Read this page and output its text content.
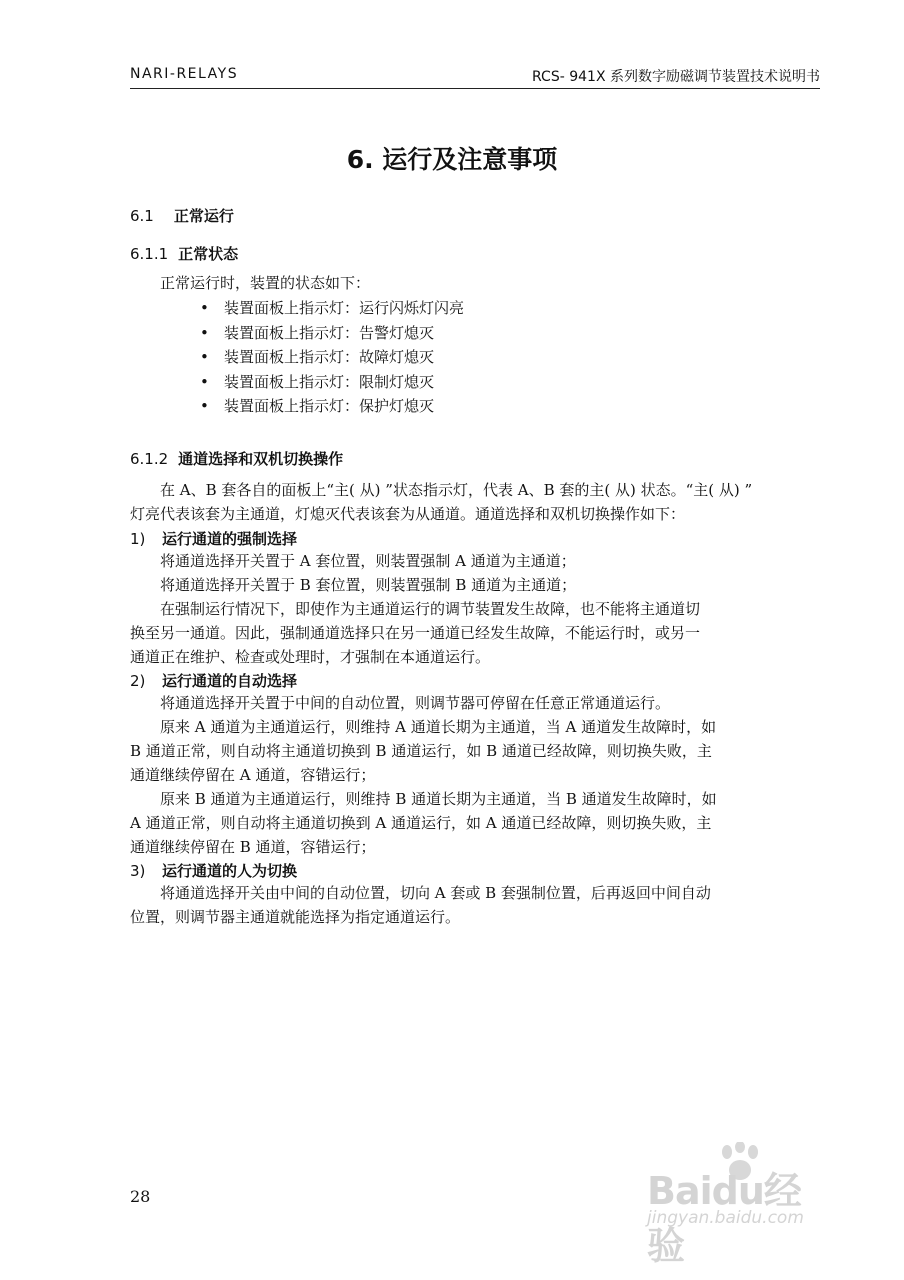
NARI-RELAYS	RCS- 941X 系列数字励磁调节装置技术说明书
6. 运行及注意事项
6.1 正常运行
6.1.1 正常状态
正常运行时，装置的状态如下：
• 装置面板上指示灯：运行闪烁灯闪亮
• 装置面板上指示灯：告警灯熄灭
• 装置面板上指示灯：故障灯熄灭
• 装置面板上指示灯：限制灯熄灭
• 装置面板上指示灯：保护灯熄灭
6.1.2 通道选择和双机切换操作
在 A、B 套各自的面板上“主( 从) ”状态指示灯，代表 A、B 套的主( 从) 状态。“主( 从) ”
灯亮代表该套为主通道，灯熄灭代表该套为从通道。通道选择和双机切换操作如下：
1) 运行通道的强制选择
将通道选择开关置于 A 套位置，则装置强制 A 通道为主通道；
将通道选择开关置于 B 套位置，则装置强制 B 通道为主通道；
在强制运行情况下，即使作为主通道运行的调节装置发生故障，也不能将主通道切
换至另一通道。因此，强制通道选择只在另一通道已经发生故障，不能运行时，或另一
通道正在维护、检查或处理时，才强制在本通道运行。
2) 运行通道的自动选择
将通道选择开关置于中间的自动位置，则调节器可停留在任意正常通道运行。
原来 A 通道为主通道运行，则维持 A 通道长期为主通道，当 A 通道发生故障时，如
B 通道正常，则自动将主通道切换到 B 通道运行，如 B 通道已经故障，则切换失败，主
通道继续停留在 A 通道，容错运行；
原来 B 通道为主通道运行，则维持 B 通道长期为主通道，当 B 通道发生故障时，如
A 通道正常，则自动将主通道切换到 A 通道运行，如 A 通道已经故障，则切换失败，主
通道继续停留在 B 通道，容错运行；
3) 运行通道的人为切换
将通道选择开关由中间的自动位置，切向 A 套或 B 套强制位置，后再返回中间自动
位置，则调节器主通道就能选择为指定通道运行。
28	Baidu经验
jingyan.baidu.com
